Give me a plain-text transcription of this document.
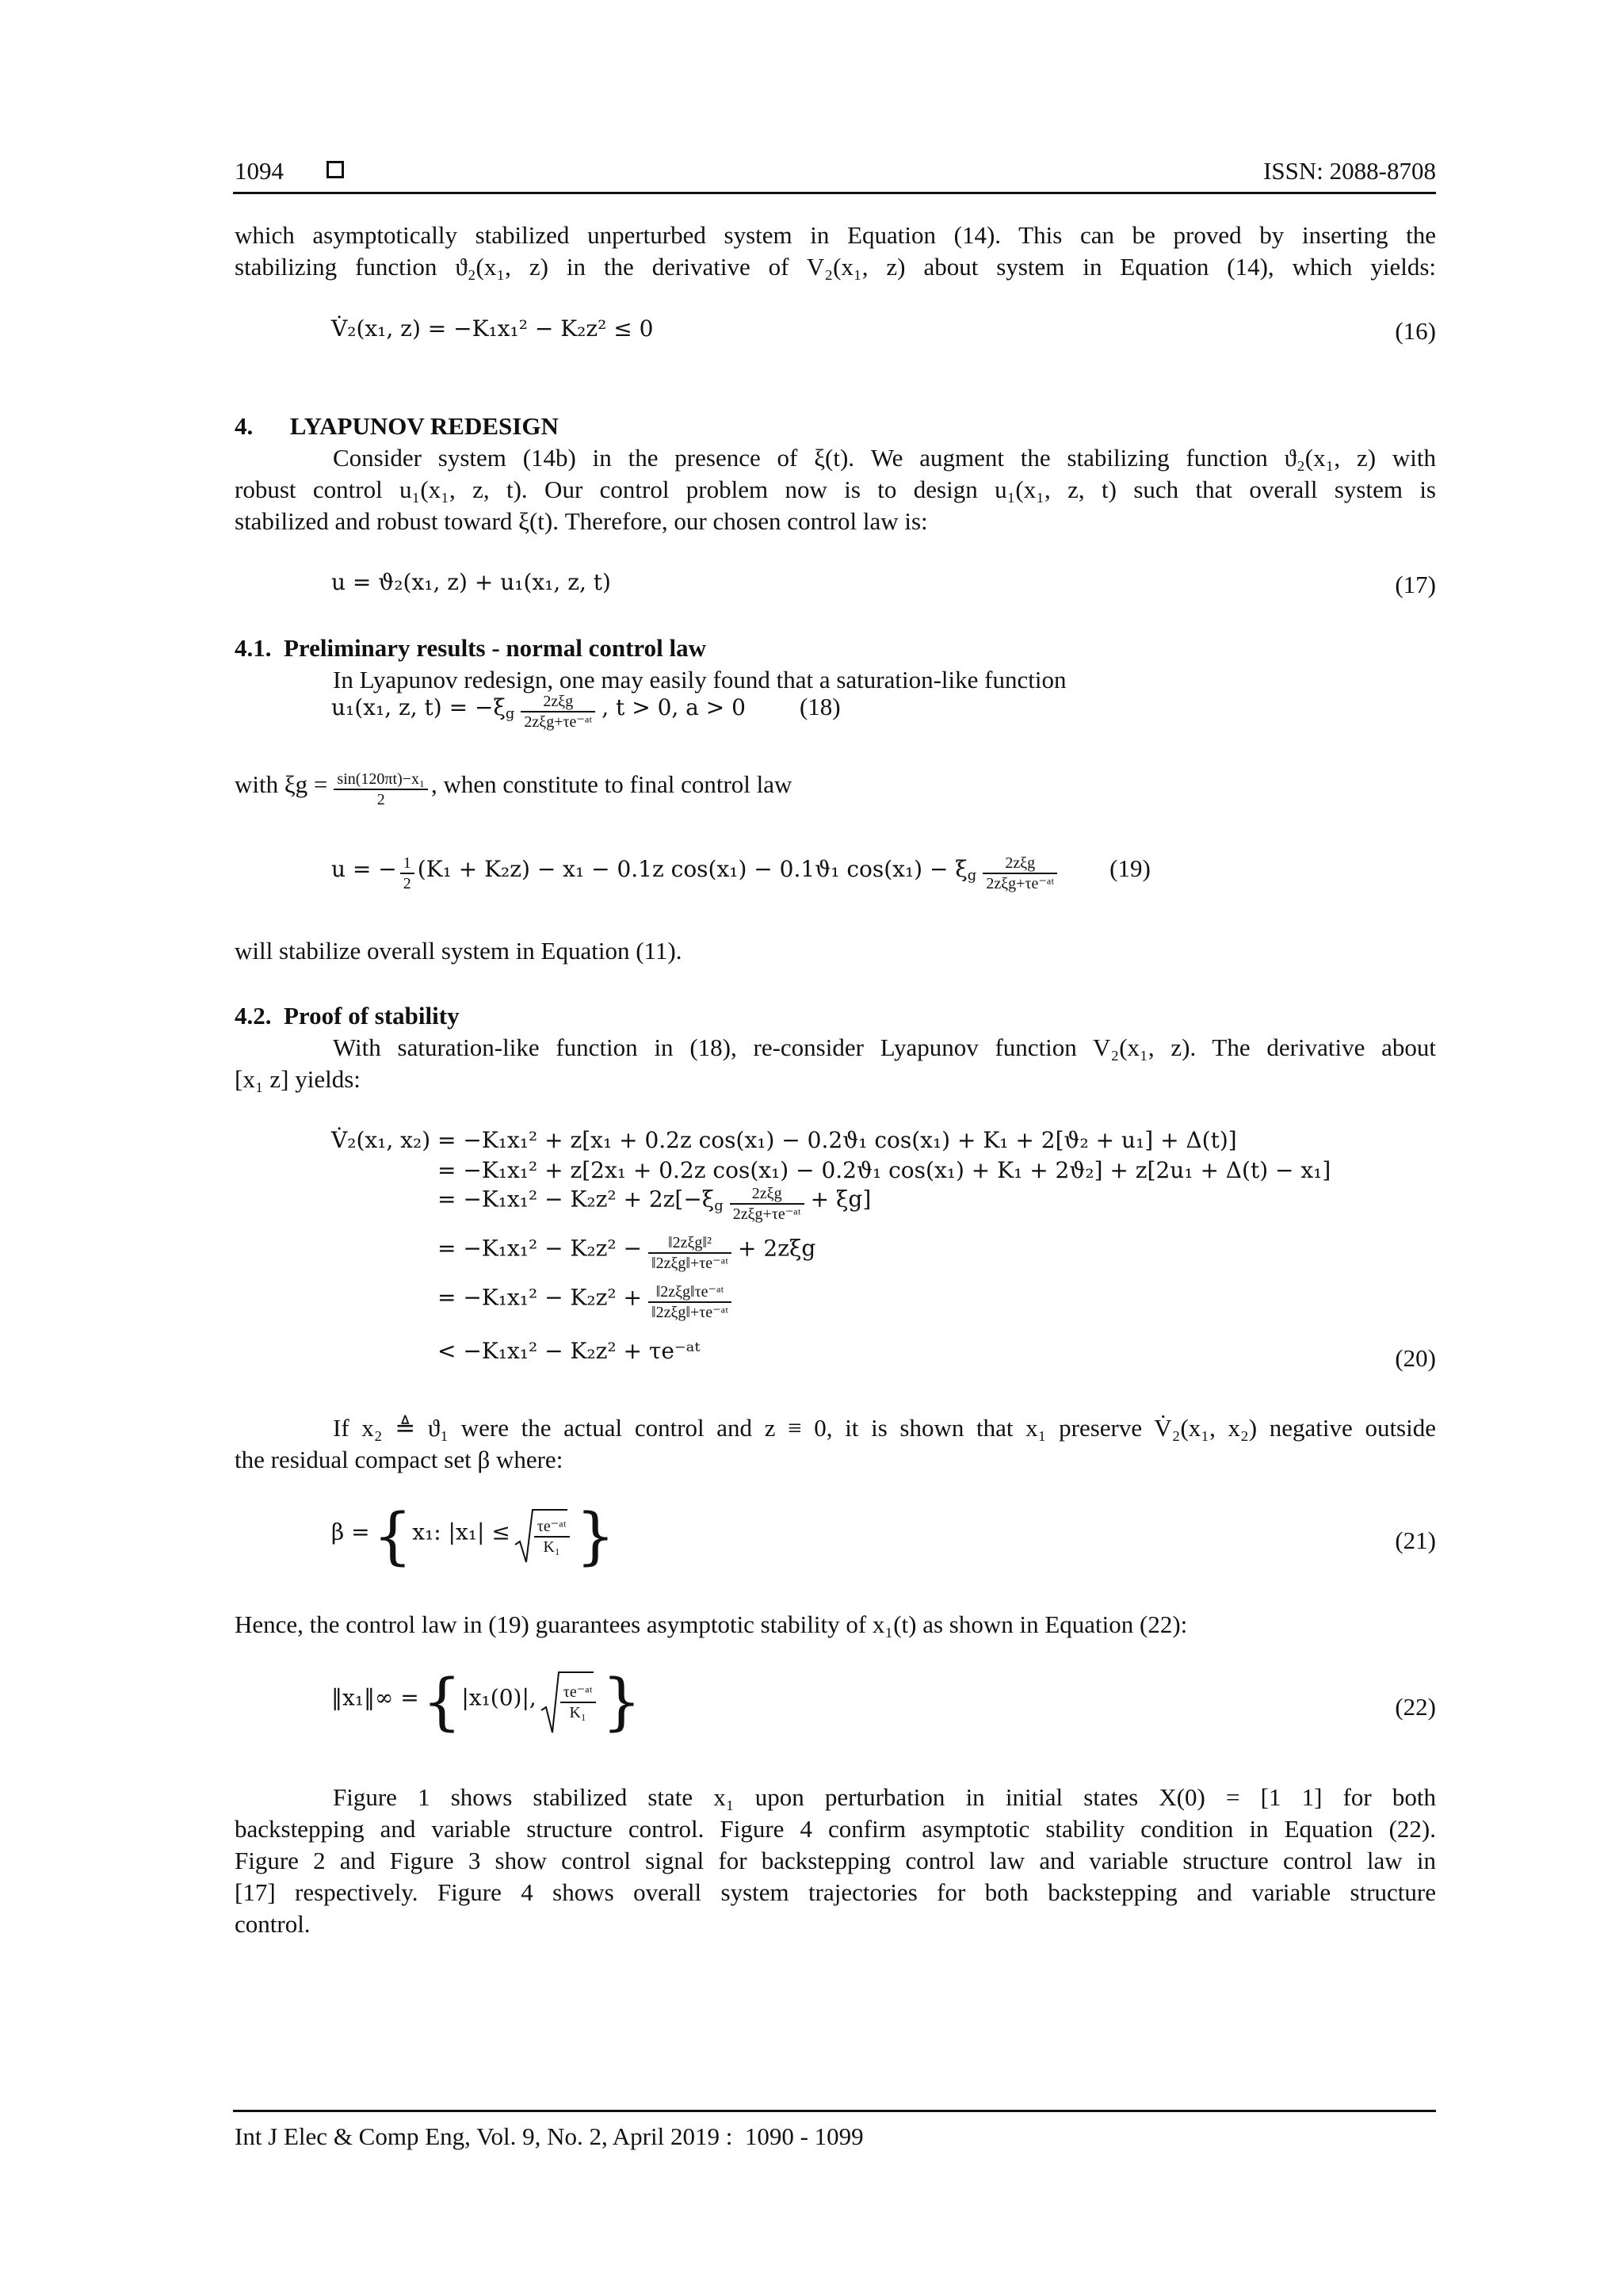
1094	ISSN: 2088-8708
which asymptotically stabilized unperturbed system in Equation (14). This can be proved by inserting the
stabilizing function ϑ₂(x₁, z) in the derivative of V₂(x₁, z) about system in Equation (14), which yields:
V̇₂(x₁, z) = −K₁x₁² − K₂z² ≤ 0	(16)
4.      LYAPUNOV REDESIGN
Consider system (14b) in the presence of ξ(t). We augment the stabilizing function ϑ₂(x₁, z) with
robust control u₁(x₁, z, t). Our control problem now is to design u₁(x₁, z, t) such that overall system is
stabilized and robust toward ξ(t). Therefore, our chosen control law is:
u = ϑ₂(x₁, z) + u₁(x₁, z, t)	(17)
4.1.  Preliminary results - normal control law
In Lyapunov redesign, one may easily found that a saturation-like function
u₁(x₁, z, $t) = -\xi g \frac{\text{2zξg}}{\text{2zξg+τe⁻ᵃᵗ}}$ , t > 0, a > 0 (18)
with $\xi g = \frac{\text{sin(120πt)−x₁}}{2}$ , when constitute to final control law
u = − $\frac{1}{2} (K_1 + K_2z) - x_1 - 0.1z$ cos(x₁) − 0.1ϑ₁ cos(x₁) − ξg $\frac{\text{2zξg}}{\text{2zξg+τe⁻ᵃᵗ}} (19)$
will stabilize overall system in Equation (11).
4.2.  Proof of stability
With saturation-like function in (18), re-consider Lyapunov function V₂(x₁, z). The derivative about
[x₁ z] yields:
V̇₂(x₁, x₂) = −K₁x₁² + z[x₁ + 0.2z cos(x₁) − 0.2ϑ₁ cos(x₁) + K₁ + 2[ϑ₂ + u₁] + Δ(t)]
= −K₁x₁² + z[2x₁ + 0.2z cos(x₁) − 0.2ϑ₁ cos(x₁) + K₁ + 2ϑ₂] + z[2u₁ + Δ(t) − x₁]
= $-K_1x_1^2 - K_2z^2 + 2z[-\xi g \frac{\text{2zξg}}{\text{2zξg+τe⁻ᵃᵗ}} + \xi g]$
= $-K_1x_1^2 - K_2z^2 - \frac{\text{‖2zξg‖²}}{\text{‖2zξg‖+τe⁻ᵃᵗ}} + 2z\xi g$
= $-K_1x_1^2 - K_2z^2 + \frac{\text{‖2zξg‖τe⁻ᵃᵗ}}{\text{‖2zξg‖+τe⁻ᵃᵗ}}$
< −K₁x₁² − K₂z² + τe⁻ᵃᵗ	(20)
If x₂ ≜ ϑ₁ were the actual control and z ≡ 0, it is shown that x₁ preserve V̇₂(x₁, x₂) negative outside
the residual compact set β where:
β = {x₁: $|x_1| \le \frac{\text{τe⁻ᵃᵗ}}{\text{K₁}}$ }	(21)
Hence, the control law in (19) guarantees asymptotic stability of x₁(t) as shown in Equation (22):
‖x₁‖∞ = {|x₁(0)|, $\frac{\text{τe⁻ᵃᵗ}}{\text{K₁}}$ }	(22)
Figure 1 shows stabilized state x₁ upon perturbation in initial states X(0) = [1 1] for both
backstepping and variable structure control. Figure 4 confirm asymptotic stability condition in Equation (22).
Figure 2 and Figure 3 show control signal for backstepping control law and variable structure control law in
[17] respectively. Figure 4 shows overall system trajectories for both backstepping and variable structure
control.
Int J Elec & Comp Eng, Vol. 9, No. 2, April 2019 :  1090 - 1099
